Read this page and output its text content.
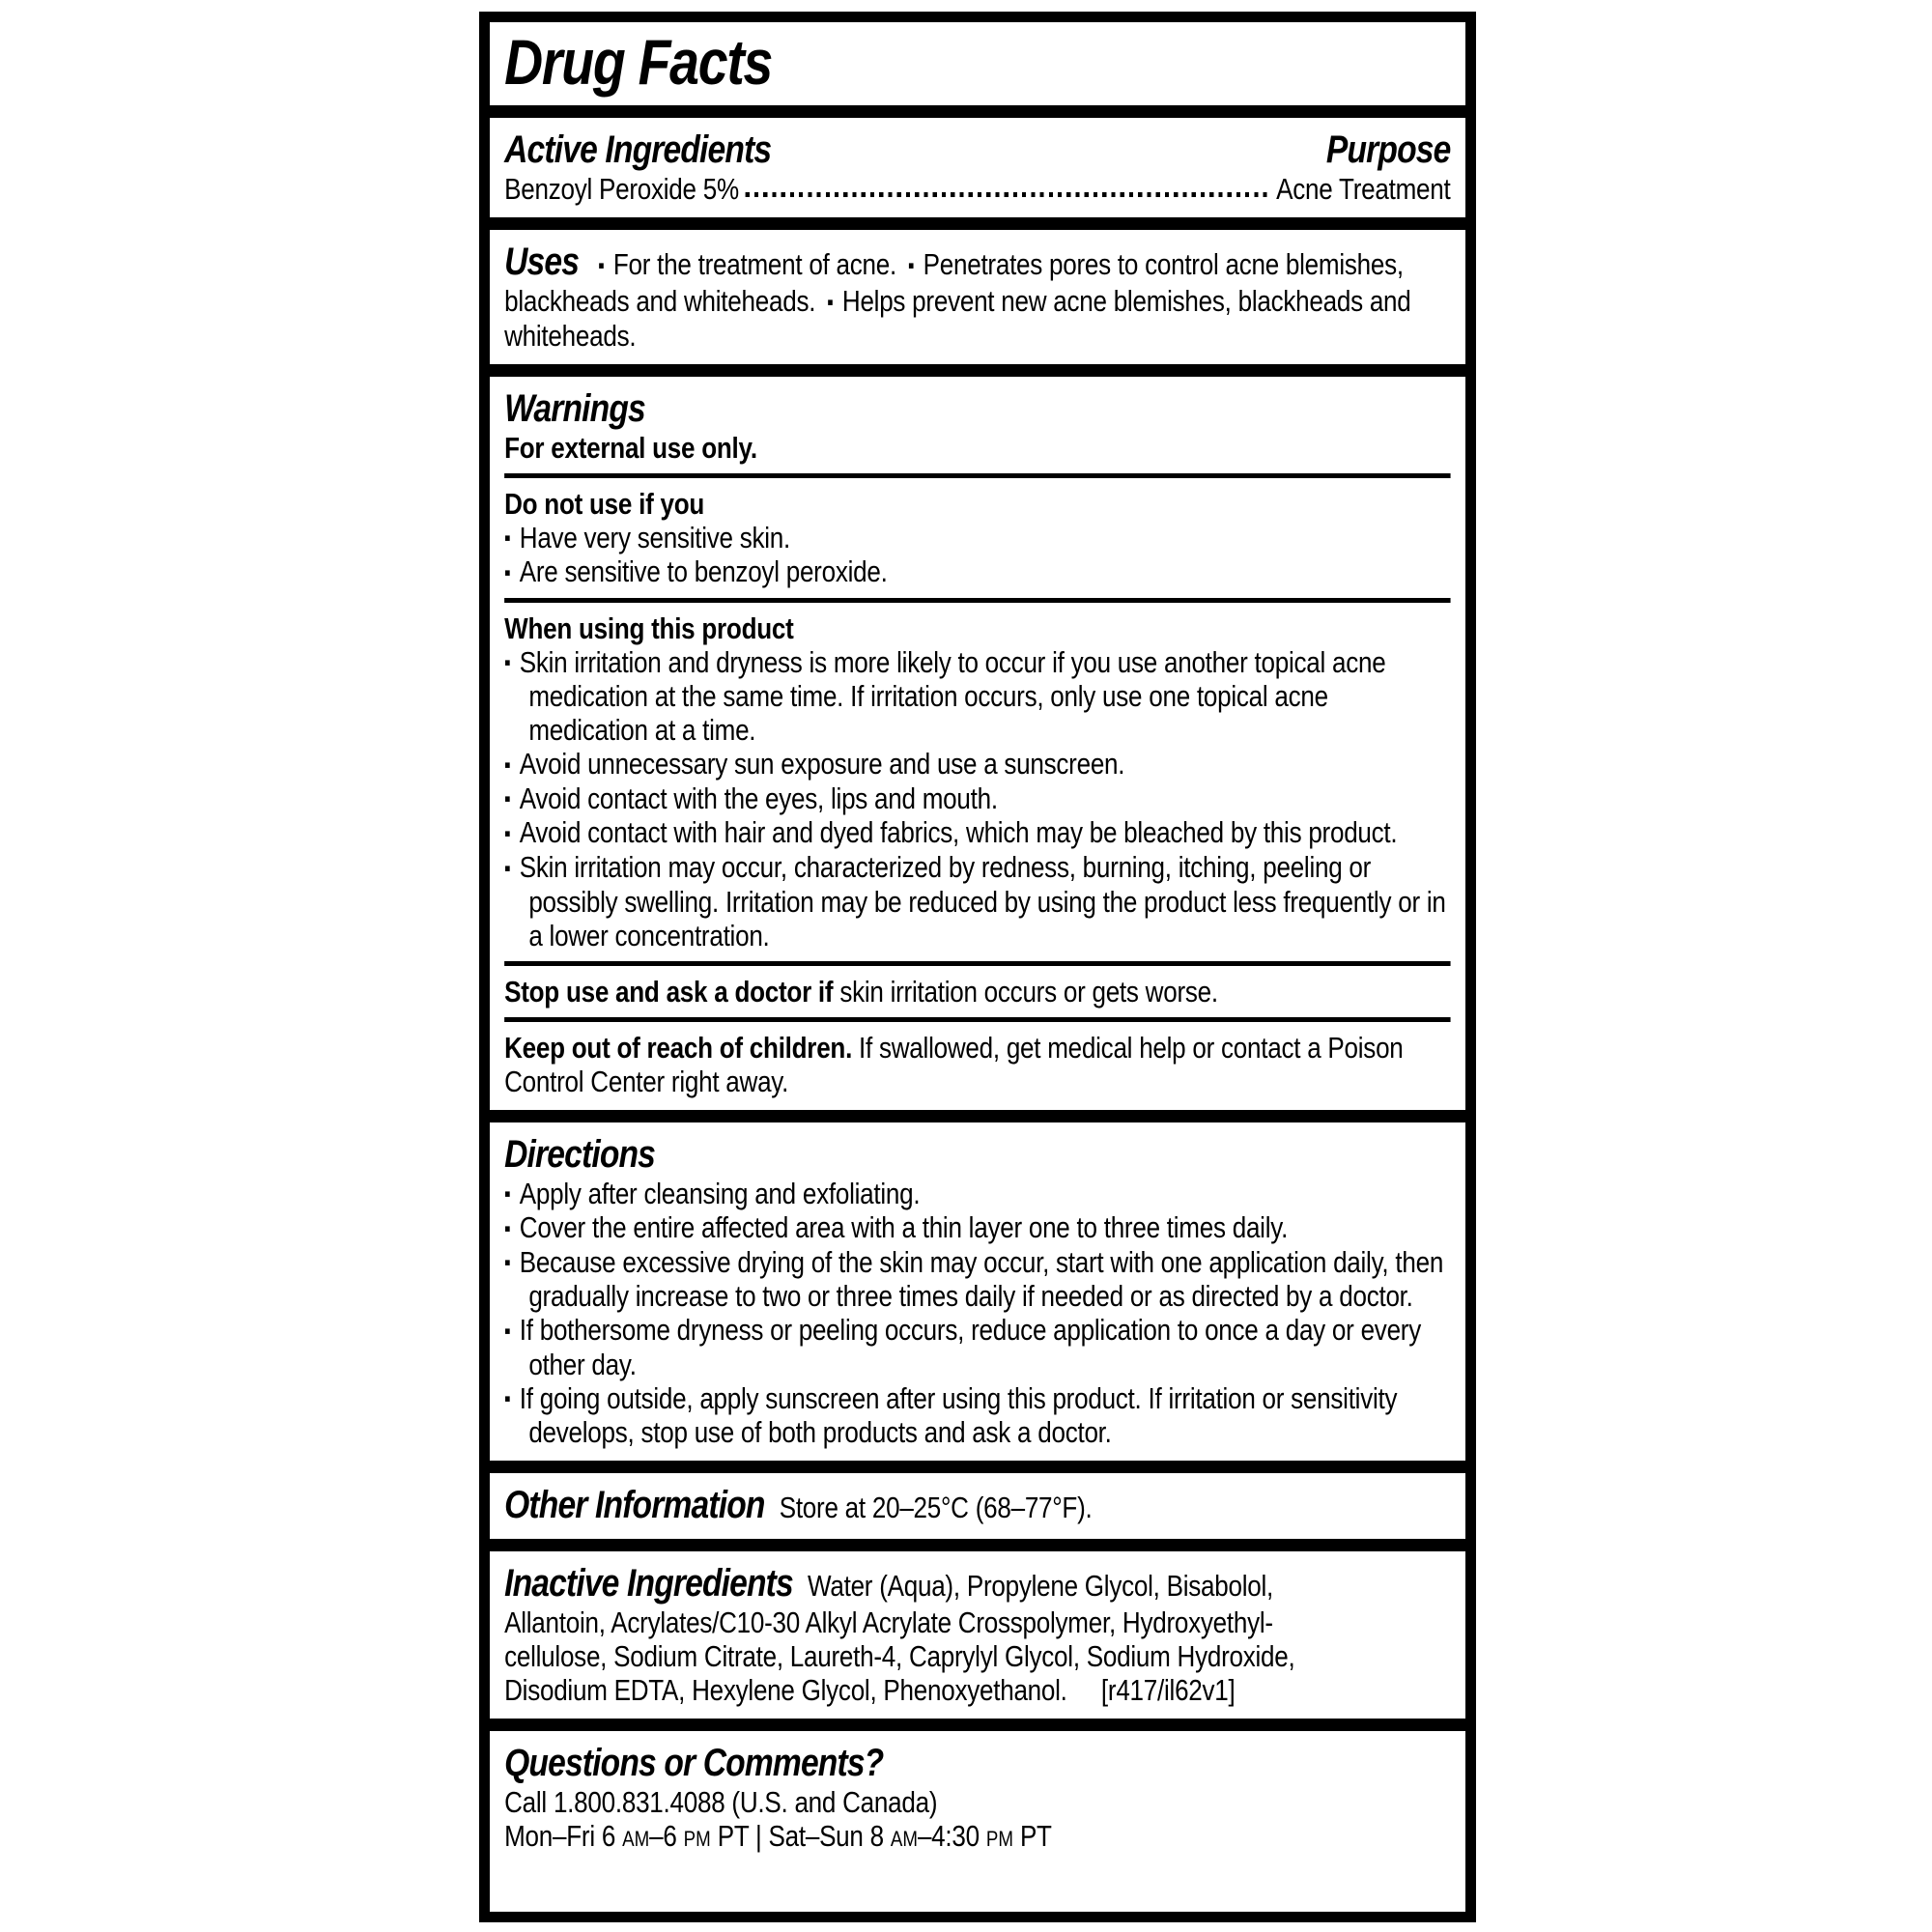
Drug Facts
Active Ingredients	Purpose
Benzoyl Peroxide 5%	Acne Treatment

Uses ▪ For the treatment of acne. ▪ Penetrates pores to control acne blemishes, blackheads and whiteheads. ▪ Helps prevent new acne blemishes, blackheads and whiteheads.

Warnings

For external use only.

Do not use if you

▪ Have very sensitive skin.
▪ Are sensitive to benzoyl peroxide.

When using this product

▪ Skin irritation and dryness is more likely to occur if you use another topical acne medication at the same time. If irritation occurs, only use one topical acne medication at a time.
▪ Avoid unnecessary sun exposure and use a sunscreen.
▪ Avoid contact with the eyes, lips and mouth.
▪ Avoid contact with hair and dyed fabrics, which may be bleached by this product.
▪ Skin irritation may occur, characterized by redness, burning, itching, peeling or possibly swelling. Irritation may be reduced by using the product less frequently or in a lower concentration.

Stop use and ask a doctor if skin irritation occurs or gets worse.

Keep out of reach of children. If swallowed, get medical help or contact a Poison Control Center right away.

Directions
▪ Apply after cleansing and exfoliating.
▪ Cover the entire affected area with a thin layer one to three times daily.
▪ Because excessive drying of the skin may occur, start with one application daily, then gradually increase to two or three times daily if needed or as directed by a doctor.
▪ If bothersome dryness or peeling occurs, reduce application to once a day or every other day.
▪ If going outside, apply sunscreen after using this product. If irritation or sensitivity develops, stop use of both products and ask a doctor.

Other Information Store at 20–25°C (68–77°F).

Inactive Ingredients Water (Aqua), Propylene Glycol, Bisabolol,
Allantoin, Acrylates/C10-30 Alkyl Acrylate Crosspolymer, Hydroxyethyl-
cellulose, Sodium Citrate, Laureth-4, Caprylyl Glycol, Sodium Hydroxide,
Disodium EDTA, Hexylene Glycol, Phenoxyethanol. [r417/il62v1]
Questions or Comments?

Call 1.800.831.4088 (U.S. and Canada)

Mon–Fri 6 AM–6 PM PT | Sat–Sun 8 AM–4:30 PM PT
